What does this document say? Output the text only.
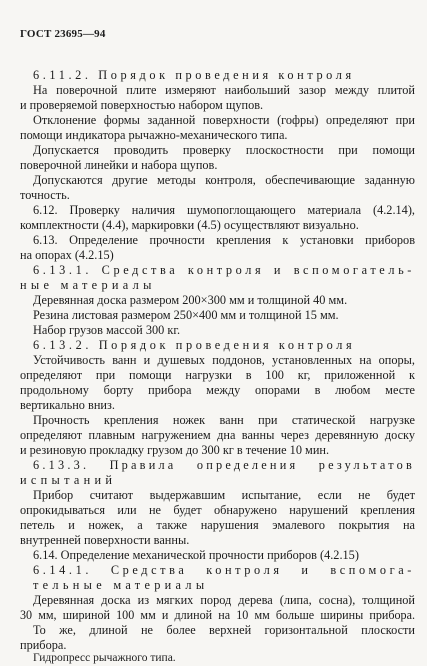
ГОСТ 23695—94
6.11.2. Порядок проведения контроля
На поверочной плите измеряют наибольший зазор между плитой
и проверяемой поверхностью набором щупов.
Отклонение формы заданной поверхности (гофры) определяют при
помощи индикатора рычажно-механического типа.
Допускается проводить проверку плоскостности при помощи
поверочной линейки и набора щупов.
Допускаются другие методы контроля, обеспечивающие заданную
точность.
6.12. Проверку наличия шумопоглощающего материала (4.2.14),
комплектности (4.4), маркировки (4.5) осуществляют визуально.
6.13. Определение прочности крепления к установки приборов
на опорах (4.2.15)
6.13.1. Средства контроля и вспомогатель-
ные материалы
Деревянная доска размером 200×300 мм и толщиной 40 мм.
Резина листовая размером 250×400 мм и толщиной 15 мм.
Набор грузов массой 300 кг.
6.13.2. Порядок проведения контроля
Устойчивость ванн и душевых поддонов, установленных на опоры,
определяют при помощи нагрузки в 100 кг, приложенной к
продольному борту прибора между опорами в любом месте
вертикально вниз.
Прочность крепления ножек ванн при статической нагрузке
определяют плавным нагружением дна ванны через деревянную доску
и резиновую прокладку грузом до 300 кг в течение 10 мин.
6.13.3. Правила определения результатов
испытаний
Прибор считают выдержавшим испытание, если не будет
опрокидываться или не будет обнаружено нарушений крепления
петель и ножек, а также нарушения эмалевого покрытия на
внутренней поверхности ванны.
6.14. Определение механической прочности приборов (4.2.15)
6.14.1. Средства контроля и вспомога-
тельные материалы
Деревянная доска из мягких пород дерева (липа, сосна), толщиной
30 мм, шириной 100 мм и длиной на 10 мм больше ширины прибора.
То же, длиной не более верхней горизонтальной плоскости
прибора.
Гидропресс рычажного типа.
